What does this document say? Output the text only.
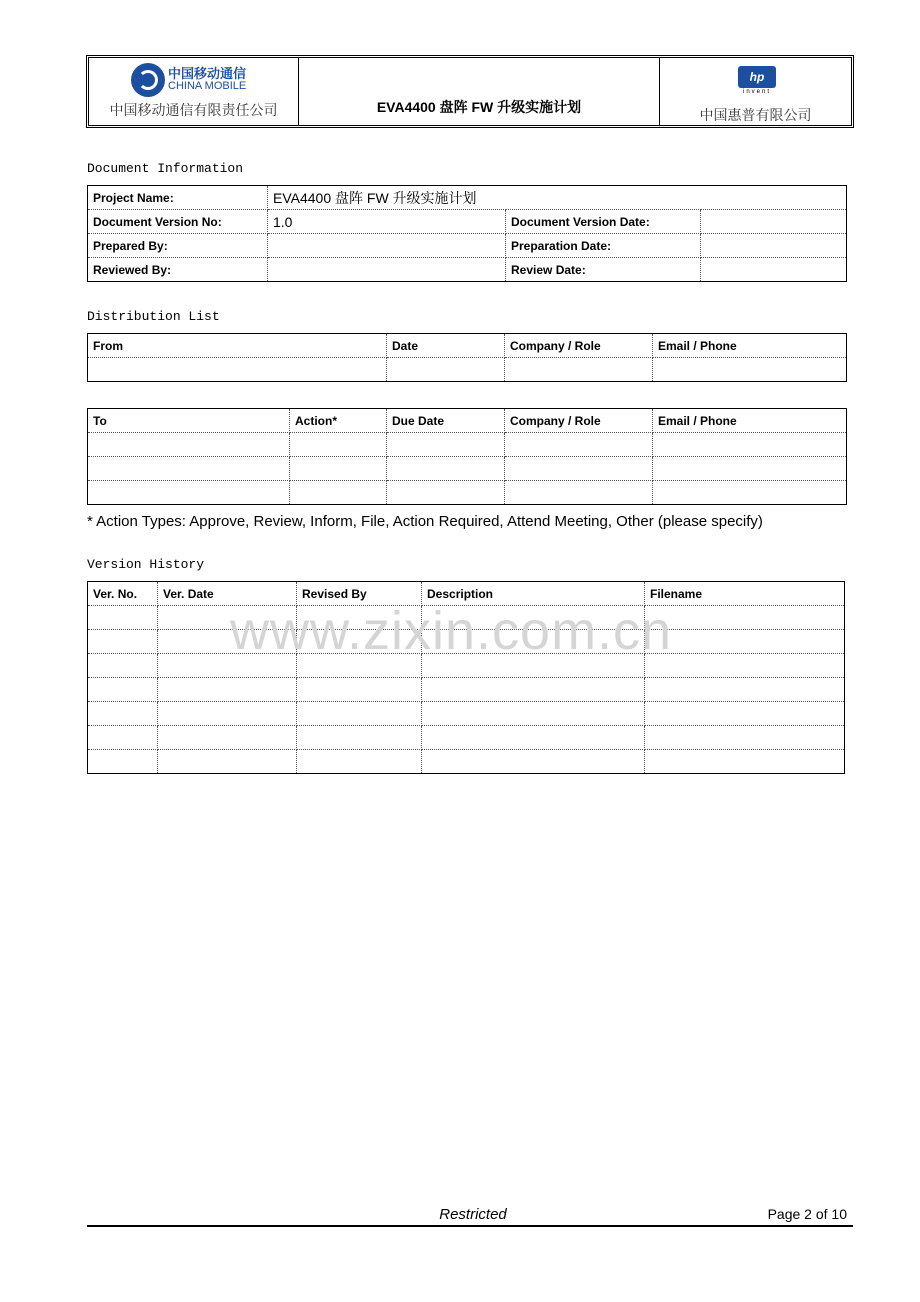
中国移动通信
CHINA MOBILE
中国移动通信有限责任公司	EVA4400 盘阵 FW 升级实施计划
hp
invent
中国惠普有限公司
Document Information
Project Name:	EVA4400 盘阵 FW 升级实施计划		
Document Version No:	1.0	Document Version Date:	
Prepared By:		Preparation Date:	
Reviewed By:		Review Date:	
Distribution List
From	Date	Company / Role	Email / Phone

To	Action*	Due Date	Company / Role	Email / Phone

* Action Types: Approve, Review, Inform, File, Action Required, Attend Meeting, Other (please specify)
Version History
Ver. No.	Ver. Date	Revised By	Description	Filename

www.zixin.com.cn
Restricted	Page 2 of 10
